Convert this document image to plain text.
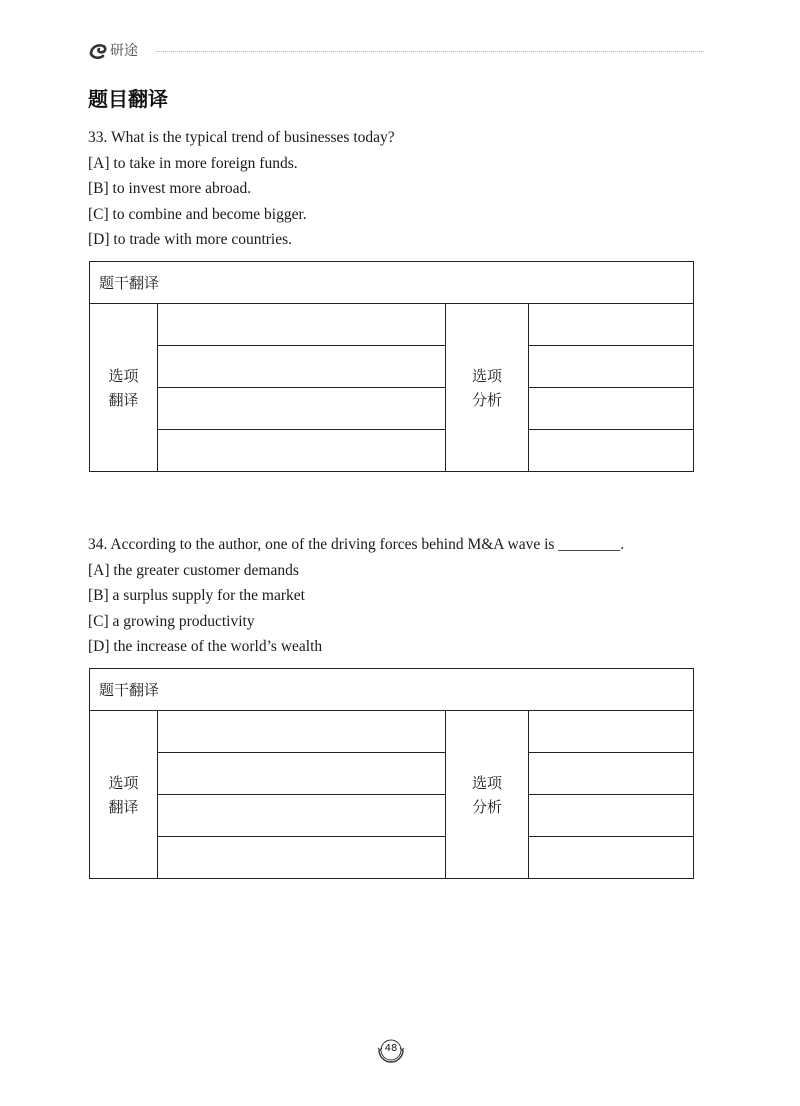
研途
题目翻译
33. What is the typical trend of businesses today?
[A] to take in more foreign funds.
[B] to invest more abroad.
[C] to combine and become bigger.
[D] to trade with more countries.
题干翻译			

选项
翻译		选项
分析	

34. According to the author, one of the driving forces behind M&A wave is ________.
[A] the greater customer demands
[B] a surplus supply for the market
[C] a growing productivity
[D] the increase of the world’s wealth
题干翻译			

选项
翻译		选项
分析	

48
